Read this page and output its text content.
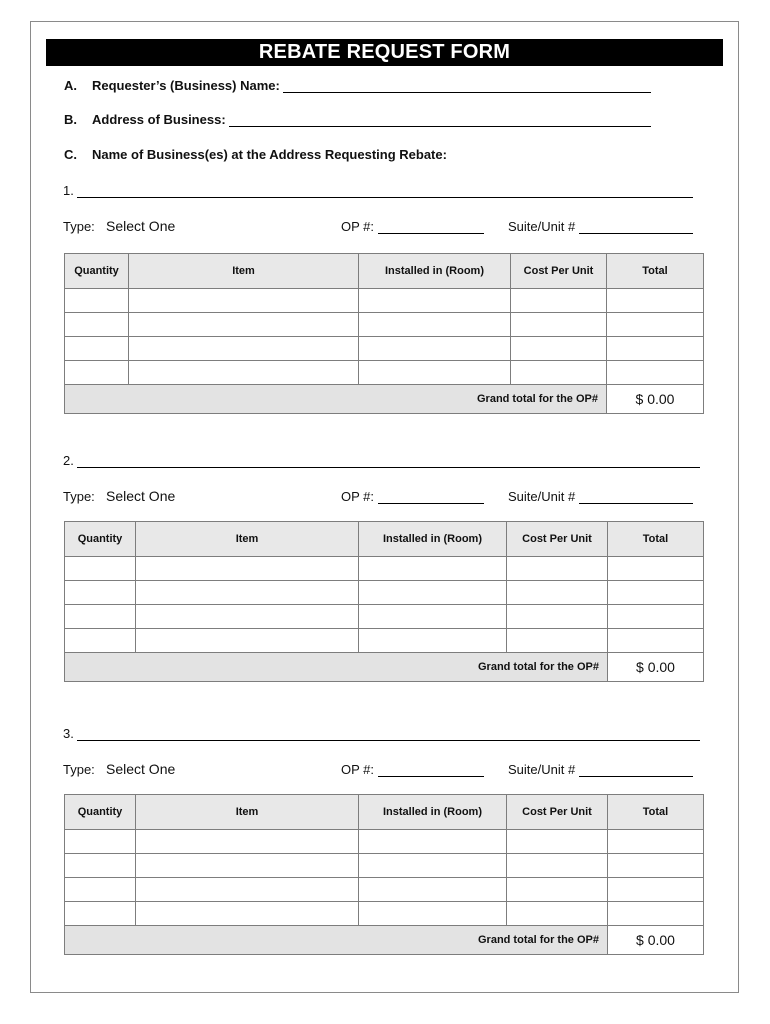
REBATE REQUEST FORM
A. Requester’s (Business) Name:
B. Address of Business:
C. Name of Business(es) at the Address Requesting Rebate:
1.
Type: Select One	OP #:	Suite/Unit #
Quantity	Item	Installed in (Room)	Cost Per Unit	Total

Grand total for the OP#				$ 0.00
2.
Type: Select One	OP #:	Suite/Unit #
Quantity	Item	Installed in (Room)	Cost Per Unit	Total

Grand total for the OP#				$ 0.00
3.
Type: Select One	OP #:	Suite/Unit #
Quantity	Item	Installed in (Room)	Cost Per Unit	Total

Grand total for the OP#				$ 0.00
